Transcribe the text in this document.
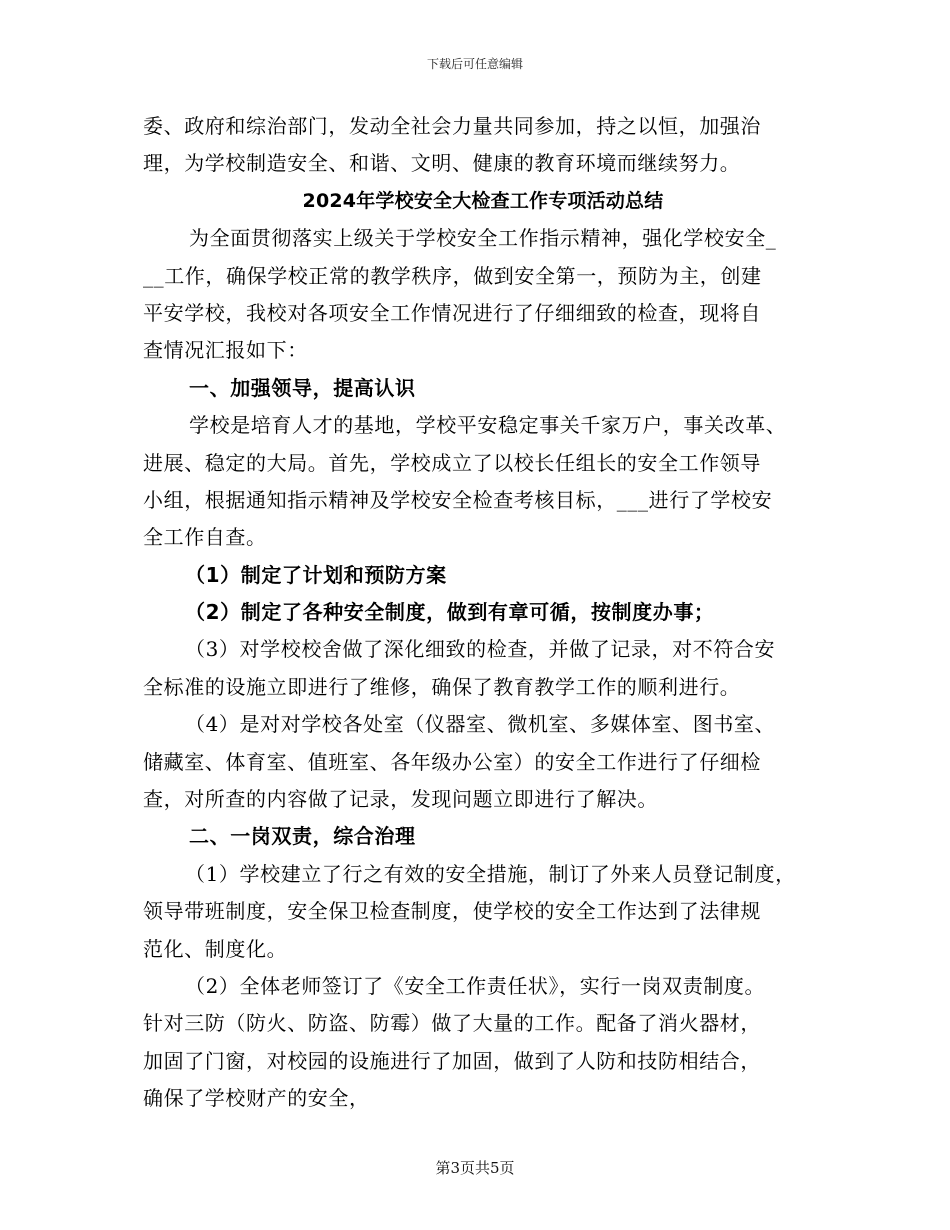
下载后可任意编辑
委、政府和综治部门，发动全社会力量共同参加，持之以恒，加强治
理，为学校制造安全、和谐、文明、健康的教育环境而继续努力。
2024年学校安全大检查工作专项活动总结
为全面贯彻落实上级关于学校安全工作指示精神，强化学校安全_
__工作，确保学校正常的教学秩序，做到安全第一，预防为主，创建
平安学校，我校对各项安全工作情况进行了仔细细致的检查，现将自
查情况汇报如下：
一、加强领导，提高认识
学校是培育人才的基地，学校平安稳定事关千家万户，事关改革、
进展、稳定的大局。首先，学校成立了以校长任组长的安全工作领导
小组，根据通知指示精神及学校安全检查考核目标，___进行了学校安
全工作自查。
（1）制定了计划和预防方案
（2）制定了各种安全制度，做到有章可循，按制度办事；
（3）对学校校舍做了深化细致的检查，并做了记录，对不符合安
全标准的设施立即进行了维修，确保了教育教学工作的顺利进行。
（4）是对对学校各处室（仪器室、微机室、多媒体室、图书室、
储藏室、体育室、值班室、各年级办公室）的安全工作进行了仔细检
查，对所查的内容做了记录，发现问题立即进行了解决。
二、一岗双责，综合治理
（1）学校建立了行之有效的安全措施，制订了外来人员登记制度，
领导带班制度，安全保卫检查制度，使学校的安全工作达到了法律规
范化、制度化。
（2）全体老师签订了《安全工作责任状》，实行一岗双责制度。
针对三防（防火、防盗、防霉）做了大量的工作。配备了消火器材，
加固了门窗，对校园的设施进行了加固，做到了人防和技防相结合，
确保了学校财产的安全，
第3页共5页
